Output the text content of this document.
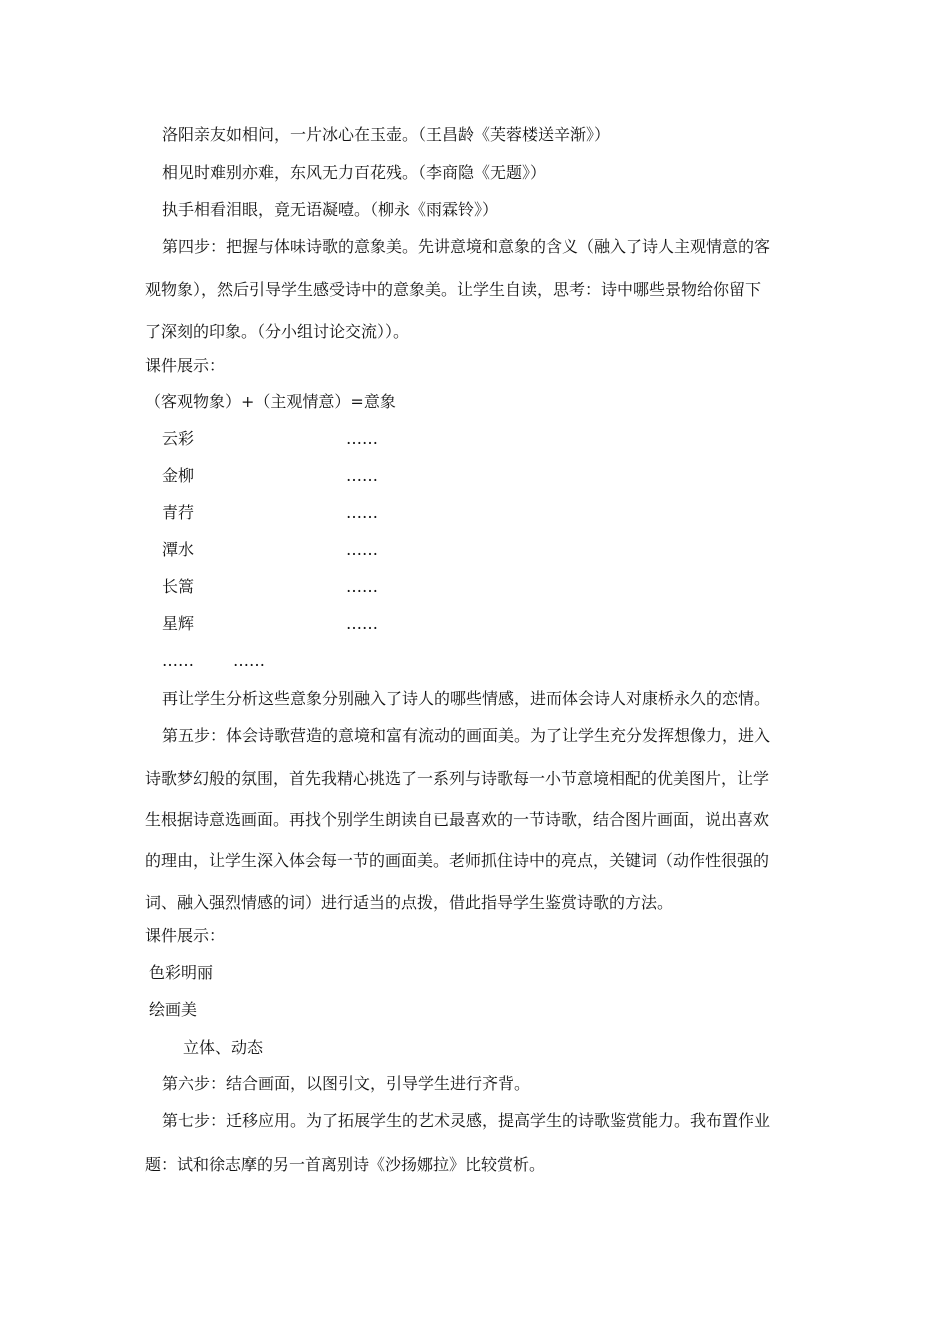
洛阳亲友如相问，一片冰心在玉壶。（王昌龄《芙蓉楼送辛渐》）
相见时难别亦难，东风无力百花残。（李商隐《无题》）
执手相看泪眼，竟无语凝噎。（柳永《雨霖铃》）
第四步：把握与体味诗歌的意象美。先讲意境和意象的含义（融入了诗人主观情意的客
观物象），然后引导学生感受诗中的意象美。让学生自读，思考：诗中哪些景物给你留下
了深刻的印象。（分小组讨论交流））。
课件展示：
（客观物象）+（主观情意）=意象
云彩	……
金柳	……
青荇	……
潭水	……
长篙	……
星辉	……
…… ……
再让学生分析这些意象分别融入了诗人的哪些情感，进而体会诗人对康桥永久的恋情。
第五步：体会诗歌营造的意境和富有流动的画面美。为了让学生充分发挥想像力，进入
诗歌梦幻般的氛围，首先我精心挑选了一系列与诗歌每一小节意境相配的优美图片，让学
生根据诗意选画面。再找个别学生朗读自已最喜欢的一节诗歌，结合图片画面，说出喜欢
的理由，让学生深入体会每一节的画面美。老师抓住诗中的亮点，关键词（动作性很强的
词、融入强烈情感的词）进行适当的点拨，借此指导学生鉴赏诗歌的方法。
课件展示：
色彩明丽
绘画美
立体、动态
第六步：结合画面，以图引文，引导学生进行齐背。
第七步：迁移应用。为了拓展学生的艺术灵感，提高学生的诗歌鉴赏能力。我布置作业
题：试和徐志摩的另一首离别诗《沙扬娜拉》比较赏析。
